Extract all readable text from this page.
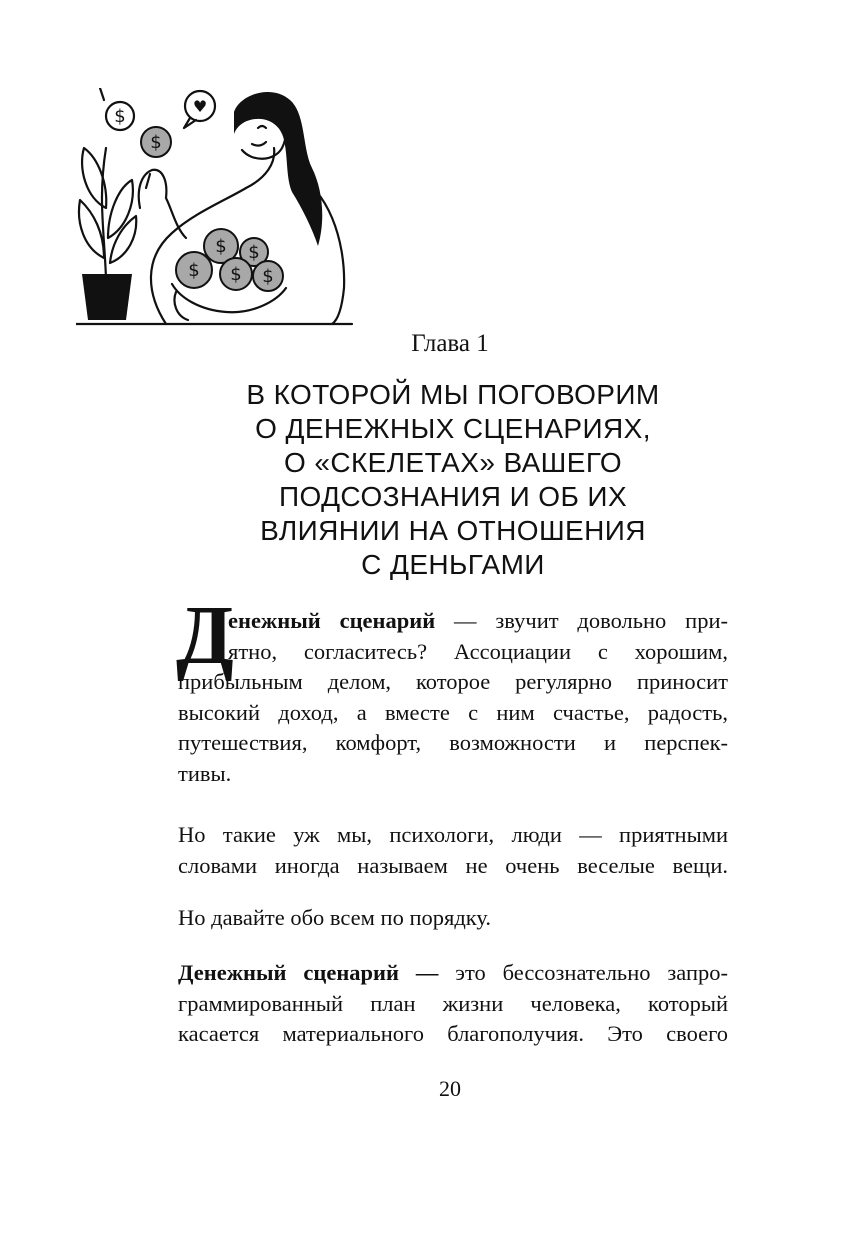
$
$
$ $
$ $ $
♥
Глава 1
В КОТОРОЙ МЫ ПОГОВОРИМ
О ДЕНЕЖНЫХ СЦЕНАРИЯХ,
О «СКЕЛЕТАХ» ВАШЕГО
ПОДСОЗНАНИЯ И ОБ ИХ
ВЛИЯНИИ НА ОТНОШЕНИЯ
С ДЕНЬГАМИ
Д
енежный сценарий — звучит довольно при-
ятно, согласитесь? Ассоциации с хорошим,
прибыльным делом, которое регулярно приносит
высокий доход, а вместе с ним счастье, радость,
путешествия, комфорт, возможности и перспек-
тивы.
Но такие уж мы, психологи, люди — приятными
словами иногда называем не очень веселые вещи.
Но давайте обо всем по порядку.
Денежный сценарий — это бессознательно запро-
граммированный план жизни человека, который
касается материального благополучия. Это своего
20
